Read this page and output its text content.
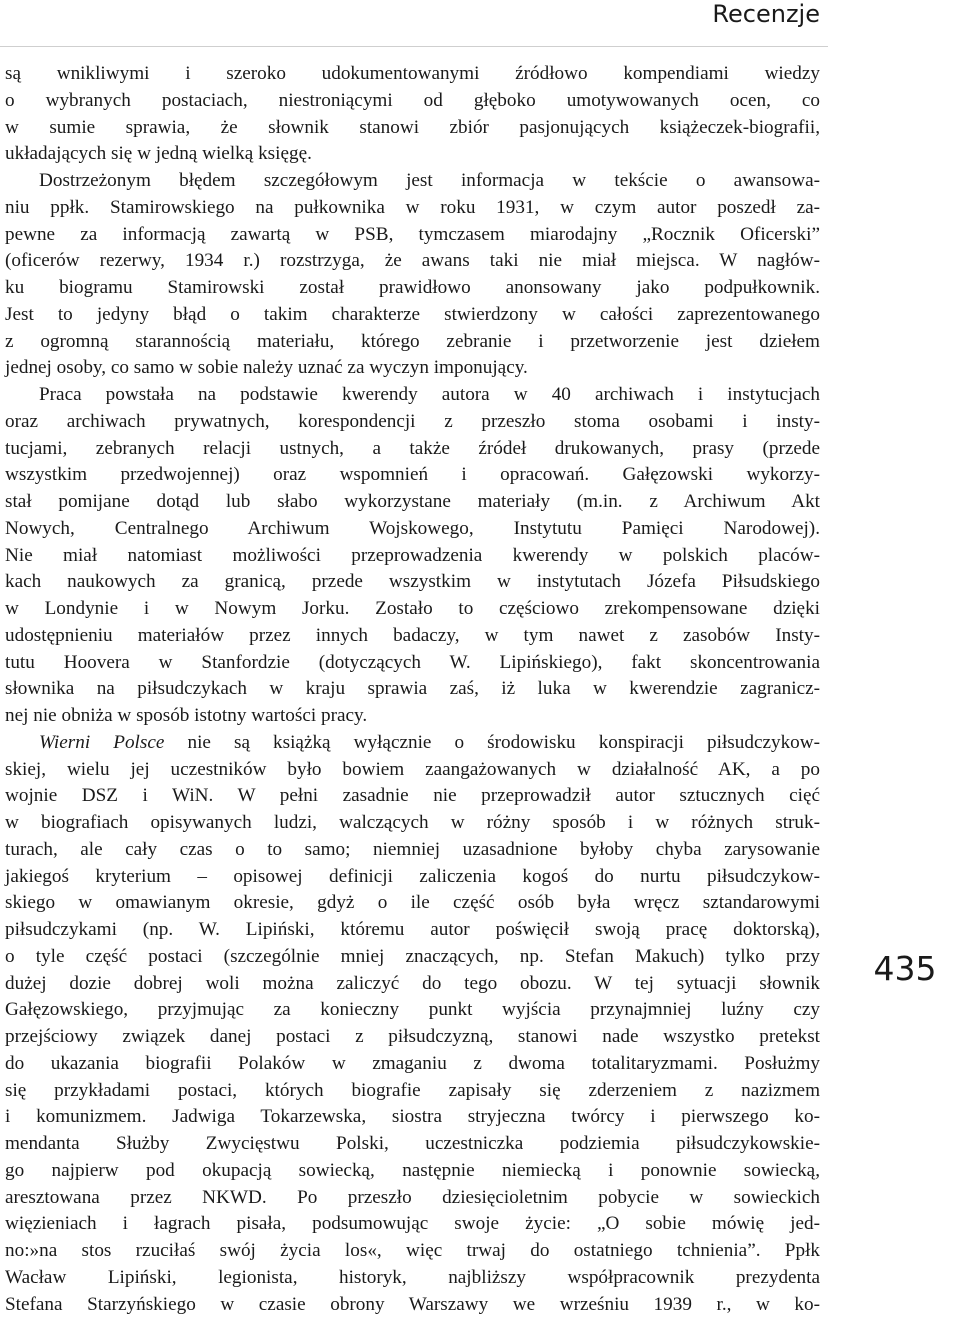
Recenzje
są wnikliwymi i szeroko udokumentowanymi źródłowo kompendiami wiedzy
o wybranych postaciach, niestroniącymi od głęboko umotywowanych ocen, co
w sumie sprawia, że słownik stanowi zbiór pasjonujących książeczek-biografii,
układających się w jedną wielką księgę.
Dostrzeżonym błędem szczegółowym jest informacja w tekście o awansowa-
niu ppłk. Stamirowskiego na pułkownika w roku 1931, w czym autor poszedł za-
pewne za informacją zawartą w PSB, tymczasem miarodajny „Rocznik Oficerski”
(oficerów rezerwy, 1934 r.) rozstrzyga, że awans taki nie miał miejsca. W nagłów-
ku biogramu Stamirowski został prawidłowo anonsowany jako podpułkownik.
Jest to jedyny błąd o takim charakterze stwierdzony w całości zaprezentowanego
z ogromną starannością materiału, którego zebranie i przetworzenie jest dziełem
jednej osoby, co samo w sobie należy uznać za wyczyn imponujący.
Praca powstała na podstawie kwerendy autora w 40 archiwach i instytucjach
oraz archiwach prywatnych, korespondencji z przeszło stoma osobami i insty-
tucjami, zebranych relacji ustnych, a także źródeł drukowanych, prasy (przede
wszystkim przedwojennej) oraz wspomnień i opracowań. Gałęzowski wykorzy-
stał pomijane dotąd lub słabo wykorzystane materiały (m.in. z Archiwum Akt
Nowych, Centralnego Archiwum Wojskowego, Instytutu Pamięci Narodowej).
Nie miał natomiast możliwości przeprowadzenia kwerendy w polskich placów-
kach naukowych za granicą, przede wszystkim w instytutach Józefa Piłsudskiego
w Londynie i w Nowym Jorku. Zostało to częściowo zrekompensowane dzięki
udostępnieniu materiałów przez innych badaczy, w tym nawet z zasobów Insty-
tutu Hoovera w Stanfordzie (dotyczących W. Lipińskiego), fakt skoncentrowania
słownika na piłsudczykach w kraju sprawia zaś, iż luka w kwerendzie zagranicz-
nej nie obniża w sposób istotny wartości pracy.
Wierni Polsce nie są książką wyłącznie o środowisku konspiracji piłsudczykow-
skiej, wielu jej uczestników było bowiem zaangażowanych w działalność AK, a po
wojnie DSZ i WiN. W pełni zasadnie nie przeprowadził autor sztucznych cięć
w biografiach opisywanych ludzi, walczących w różny sposób i w różnych struk-
turach, ale cały czas o to samo; niemniej uzasadnione byłoby chyba zarysowanie
jakiegoś kryterium – opisowej definicji zaliczenia kogoś do nurtu piłsudczykow-
skiego w omawianym okresie, gdyż o ile część osób była wręcz sztandarowymi
piłsudczykami (np. W. Lipiński, któremu autor poświęcił swoją pracę doktorską),
o tyle część postaci (szczególnie mniej znaczących, np. Stefan Makuch) tylko przy
dużej dozie dobrej woli można zaliczyć do tego obozu. W tej sytuacji słownik
Gałęzowskiego, przyjmując za konieczny punkt wyjścia przynajmniej luźny czy
przejściowy związek danej postaci z piłsudczyzną, stanowi nade wszystko pretekst
do ukazania biografii Polaków w zmaganiu z dwoma totalitaryzmami. Posłużmy
się przykładami postaci, których biografie zapisały się zderzeniem z nazizmem
i komunizmem. Jadwiga Tokarzewska, siostra stryjeczna twórcy i pierwszego ko-
mendanta Służby Zwycięstwu Polski, uczestniczka podziemia piłsudczykowskie-
go najpierw pod okupacją sowiecką, następnie niemiecką i ponownie sowiecką,
aresztowana przez NKWD. Po przeszło dziesięcioletnim pobycie w sowieckich
więzieniach i łagrach pisała, podsumowując swoje życie: „O sobie mówię jed-
no:»na stos rzuciłaś swój życia los«, więc trwaj do ostatniego tchnienia”. Ppłk
Wacław Lipiński, legionista, historyk, najbliższy współpracownik prezydenta
Stefana Starzyńskiego w czasie obrony Warszawy we wrześniu 1939 r., w ko-
435
